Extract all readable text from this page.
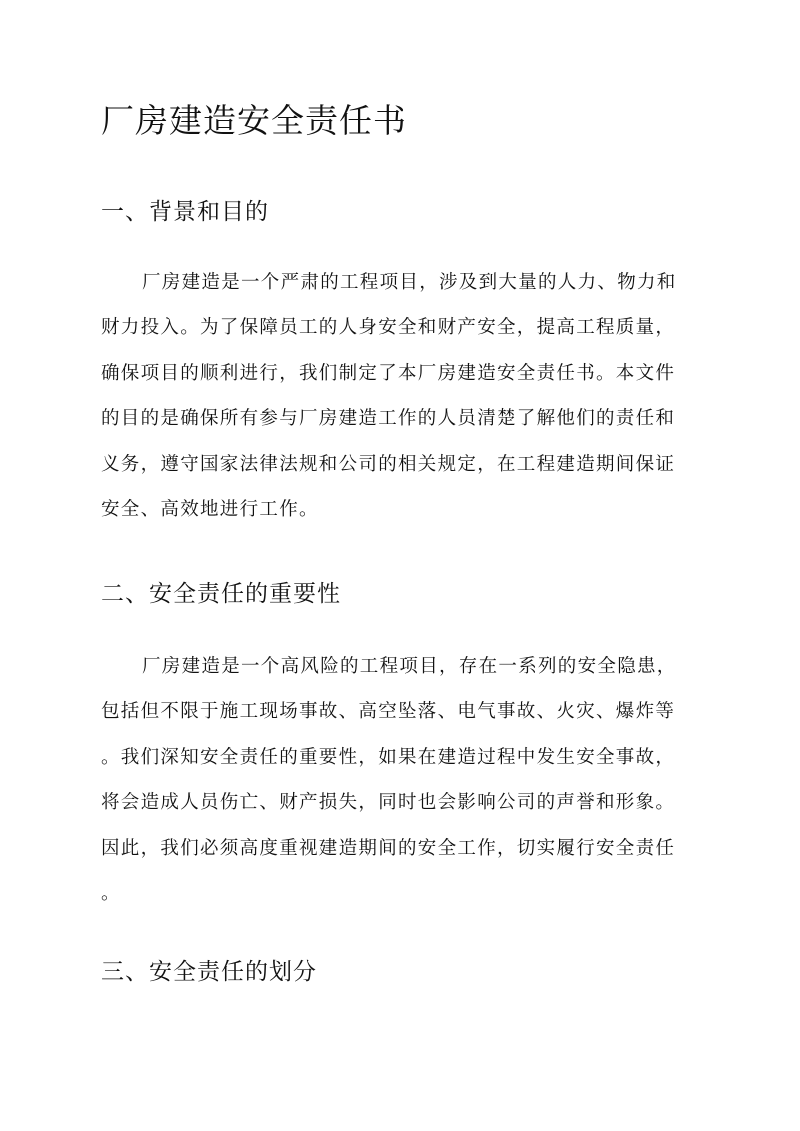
厂房建造安全责任书
一、背景和目的
厂房建造是一个严肃的工程项目，涉及到大量的人力、物力和
财力投入。为了保障员工的人身安全和财产安全，提高工程质量，
确保项目的顺利进行，我们制定了本厂房建造安全责任书。本文件
的目的是确保所有参与厂房建造工作的人员清楚了解他们的责任和
义务，遵守国家法律法规和公司的相关规定，在工程建造期间保证
安全、高效地进行工作。
二、安全责任的重要性
厂房建造是一个高风险的工程项目，存在一系列的安全隐患，
包括但不限于施工现场事故、高空坠落、电气事故、火灾、爆炸等
。我们深知安全责任的重要性，如果在建造过程中发生安全事故，
将会造成人员伤亡、财产损失，同时也会影响公司的声誉和形象。
因此，我们必须高度重视建造期间的安全工作，切实履行安全责任
。
三、安全责任的划分
